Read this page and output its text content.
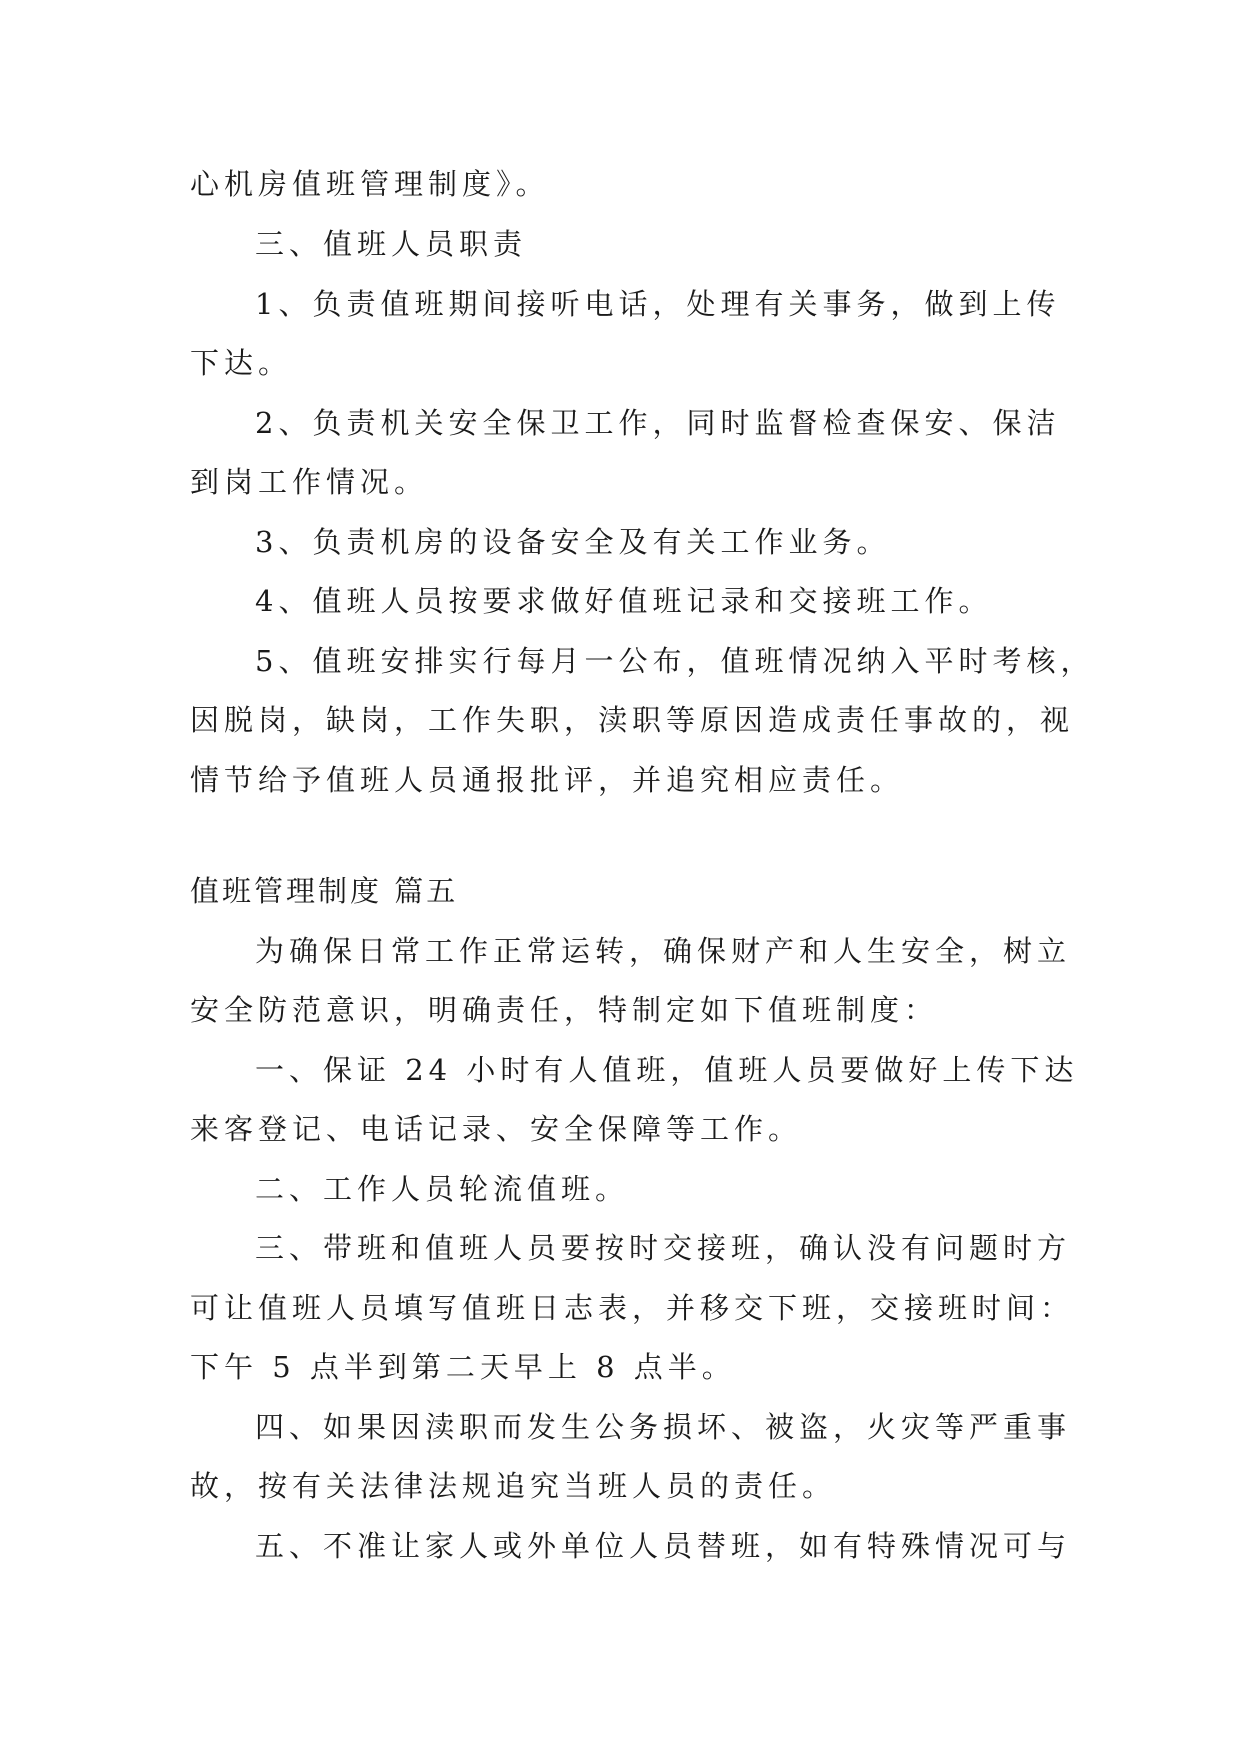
心机房值班管理制度》。
三、值班人员职责
1、负责值班期间接听电话，处理有关事务，做到上传
下达。
2、负责机关安全保卫工作，同时监督检查保安、保洁
到岗工作情况。
3、负责机房的设备安全及有关工作业务。
4、值班人员按要求做好值班记录和交接班工作。
5、值班安排实行每月一公布，值班情况纳入平时考核，
因脱岗，缺岗，工作失职，渎职等原因造成责任事故的，视
情节给予值班人员通报批评，并追究相应责任。
值班管理制度 篇五
为确保日常工作正常运转，确保财产和人生安全，树立
安全防范意识，明确责任，特制定如下值班制度：
一、保证 24 小时有人值班，值班人员要做好上传下达
来客登记、电话记录、安全保障等工作。
二、工作人员轮流值班。
三、带班和值班人员要按时交接班，确认没有问题时方
可让值班人员填写值班日志表，并移交下班，交接班时间：
下午 5 点半到第二天早上 8 点半。
四、如果因渎职而发生公务损坏、被盗，火灾等严重事
故，按有关法律法规追究当班人员的责任。
五、不准让家人或外单位人员替班，如有特殊情况可与
